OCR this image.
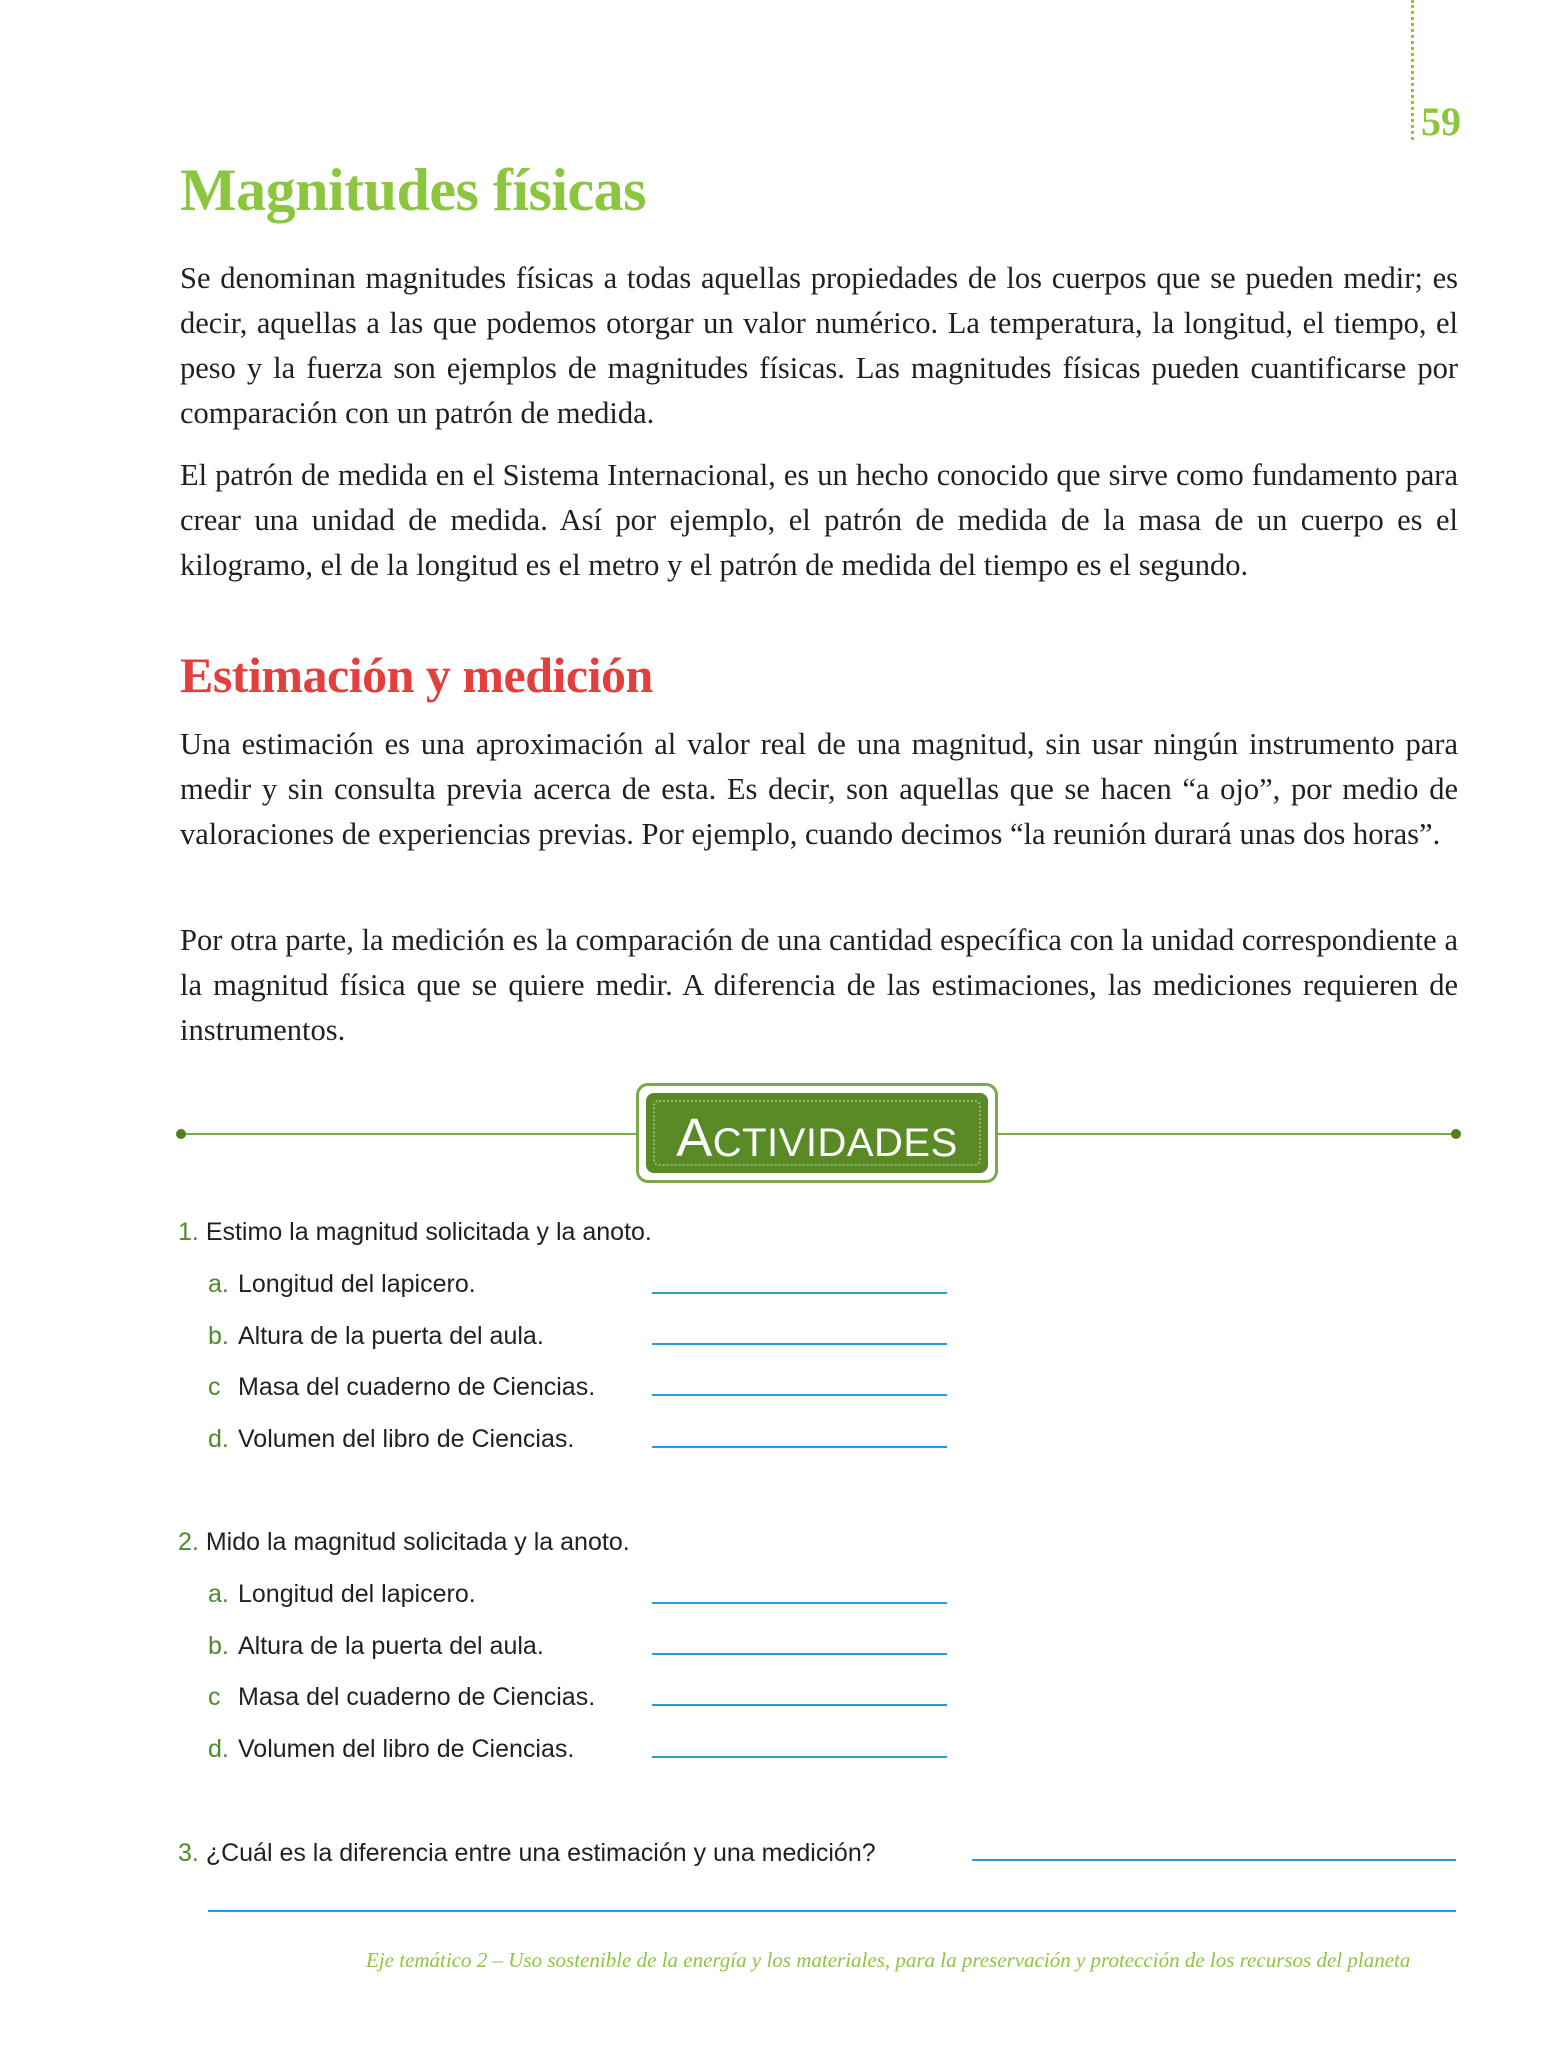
59
Magnitudes físicas

Se denominan magnitudes físicas a todas aquellas propiedades de los cuerpos que se pueden medir; es decir, aquellas a las que podemos otorgar un valor numérico. La temperatura, la longitud, el tiempo, el peso y la fuerza son ejemplos de magnitudes físicas. Las magnitudes físicas pueden cuantificarse por comparación con un patrón de medida.

El patrón de medida en el Sistema Internacional, es un hecho conocido que sirve como fundamento para crear una unidad de medida. Así por ejemplo, el patrón de medida de la masa de un cuerpo es el kilogramo, el de la longitud es el metro y el patrón de medida del tiempo es el segundo.

Estimación y medición

Una estimación es una aproximación al valor real de una magnitud, sin usar ningún instrumento para medir y sin consulta previa acerca de esta. Es decir, son aquellas que se hacen “a ojo”, por medio de valoraciones de experiencias previas. Por ejemplo, cuando decimos “la reunión durará unas dos horas”.

Por otra parte, la medición es la comparación de una cantidad específica con la unidad correspondiente a la magnitud física que se quiere medir. A diferencia de las estimaciones, las mediciones requieren de instrumentos.

ACTIVIDADES
1. Estimo la magnitud solicitada y la anoto.
a. Longitud del lapicero.
b. Altura de la puerta del aula.
c Masa del cuaderno de Ciencias.
d. Volumen del libro de Ciencias.
2. Mido la magnitud solicitada y la anoto.
a. Longitud del lapicero.
b. Altura de la puerta del aula.
c Masa del cuaderno de Ciencias.
d. Volumen del libro de Ciencias.
3. ¿Cuál es la diferencia entre una estimación y una medición?
Eje temático 2 – Uso sostenible de la energía y los materiales, para la preservación y protección de los recursos del planeta
